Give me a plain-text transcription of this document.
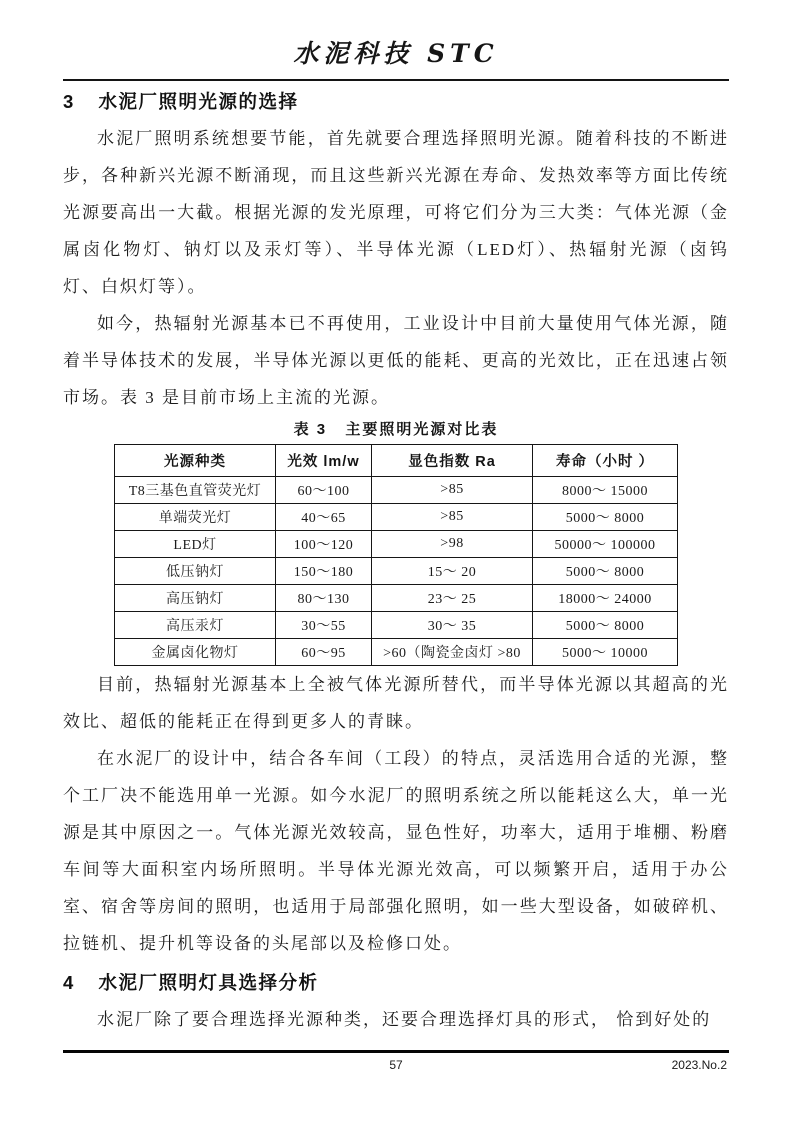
水泥科技 STC
3 水泥厂照明光源的选择

水泥厂照明系统想要节能，首先就要合理选择照明光源。随着科技的不断进步，各种新兴光源不断涌现，而且这些新兴光源在寿命、发热效率等方面比传统光源要高出一大截。根据光源的发光原理，可将它们分为三大类：气体光源（金属卤化物灯、钠灯以及汞灯等）、半导体光源（LED灯）、热辐射光源（卤钨灯、白炽灯等）。

如今，热辐射光源基本已不再使用，工业设计中目前大量使用气体光源，随着半导体技术的发展，半导体光源以更低的能耗、更高的光效比，正在迅速占领市场。表 3 是目前市场上主流的光源。

表 3 主要照明光源对比表
光源种类	光效 lm/w	显色指数 Ra	寿命（小时 ）
T8三基色直管荧光灯	60～100	>85	8000～ 15000
单端荧光灯	40～65	>85	5000～ 8000
LED灯	100～120	>98	50000～ 100000
低压钠灯	150～180	15～ 20	5000～ 8000
高压钠灯	80～130	23～ 25	18000～ 24000
高压汞灯	30～55	30～ 35	5000～ 8000
金属卤化物灯	60～95	>60（陶瓷金卤灯 >80	5000～ 10000

目前，热辐射光源基本上全被气体光源所替代，而半导体光源以其超高的光效比、超低的能耗正在得到更多人的青睐。

在水泥厂的设计中，结合各车间（工段）的特点，灵活选用合适的光源，整个工厂决不能选用单一光源。如今水泥厂的照明系统之所以能耗这么大，单一光源是其中原因之一。气体光源光效较高，显色性好，功率大，适用于堆棚、粉磨车间等大面积室内场所照明。半导体光源光效高，可以频繁开启，适用于办公室、宿舍等房间的照明，也适用于局部强化照明，如一些大型设备，如破碎机、拉链机、提升机等设备的头尾部以及检修口处。

4 水泥厂照明灯具选择分析

水泥厂除了要合理选择光源种类，还要合理选择灯具的形式， 恰到好处的

57	2023.No.2
